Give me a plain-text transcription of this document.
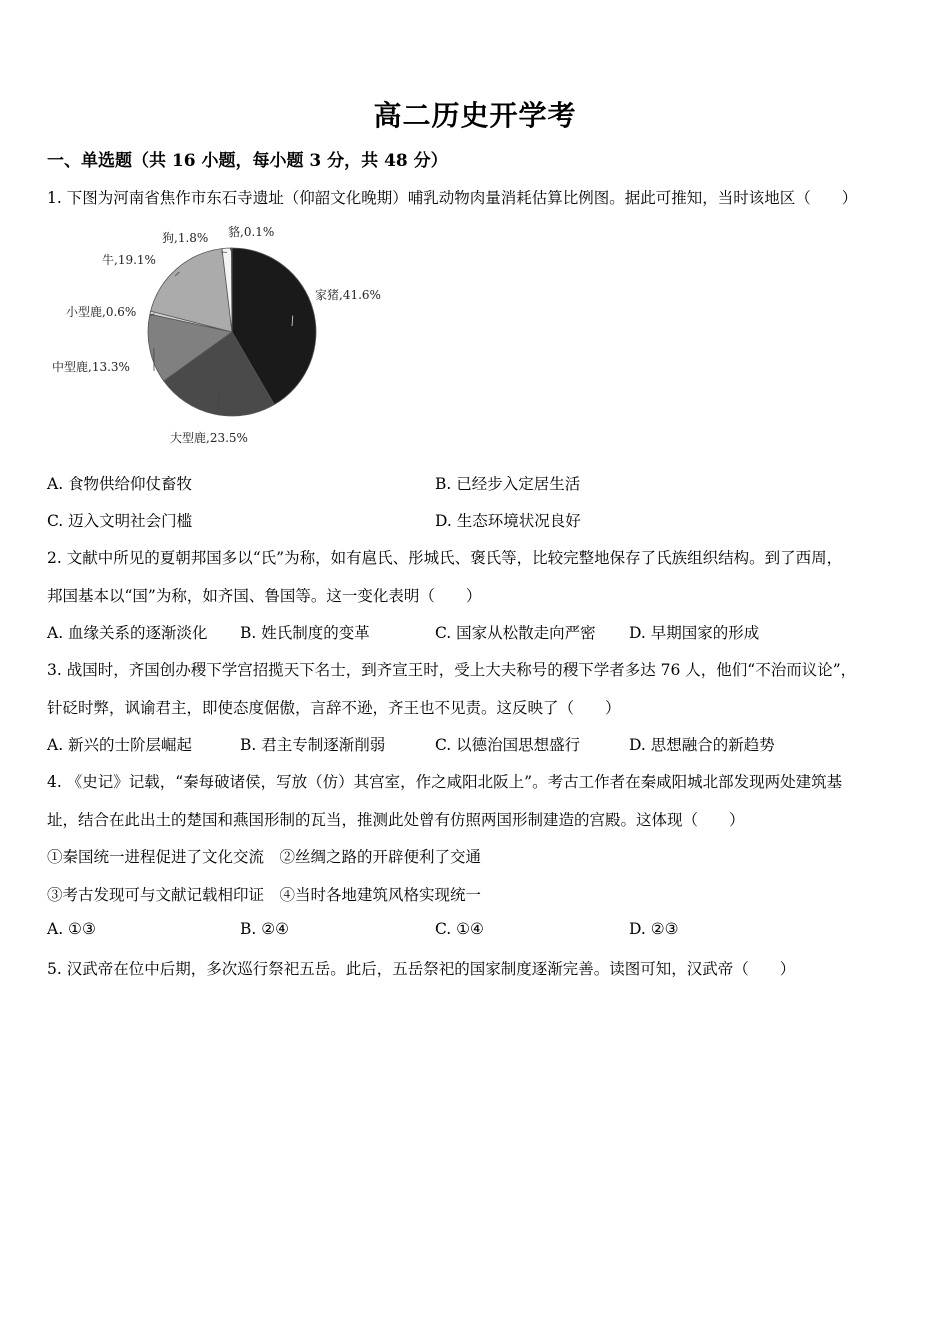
高二历史开学考
一、单选题（共 16 小题，每小题 3 分，共 48 分）
1. 下图为河南省焦作市东石寺遗址（仰韶文化晚期）哺乳动物肉量消耗估算比例图。据此可推知，当时该地区（　　）
家猪,41.6%
大型鹿,23.5%
中型鹿,13.3%
小型鹿,0.6%
牛,19.1%
狗,1.8% 貉,0.1%
A. 食物供给仰仗畜牧	B. 已经步入定居生活
C. 迈入文明社会门槛	D. 生态环境状况良好
2. 文献中所见的夏朝邦国多以“氏”为称，如有扈氏、彤城氏、褒氏等，比较完整地保存了氏族组织结构。到了西周，
邦国基本以“国”为称，如齐国、鲁国等。这一变化表明（　　）
A. 血缘关系的逐渐淡化 B. 姓氏制度的变革	C. 国家从松散走向严密 D. 早期国家的形成
3. 战国时，齐国创办稷下学宫招揽天下名士，到齐宣王时，受上大夫称号的稷下学者多达 76 人，他们“不治而议论”，
针砭时弊，讽谕君主，即使态度倨傲，言辞不逊，齐王也不见责。这反映了（　　）
A. 新兴的士阶层崛起	B. 君主专制逐渐削弱	C. 以德治国思想盛行	D. 思想融合的新趋势
4. 《史记》记载，“秦每破诸侯，写放（仿）其宫室，作之咸阳北阪上”。考古工作者在秦咸阳城北部发现两处建筑基
址，结合在此出土的楚国和燕国形制的瓦当，推测此处曾有仿照两国形制建造的宫殿。这体现（　　）
①秦国统一进程促进了文化交流　②丝绸之路的开辟便利了交通
③考古发现可与文献记载相印证　④当时各地建筑风格实现统一
A. ①③	B. ②④	C. ①④	D. ②③
5. 汉武帝在位中后期，多次巡行祭祀五岳。此后，五岳祭祀的国家制度逐渐完善。读图可知，汉武帝（　　）
